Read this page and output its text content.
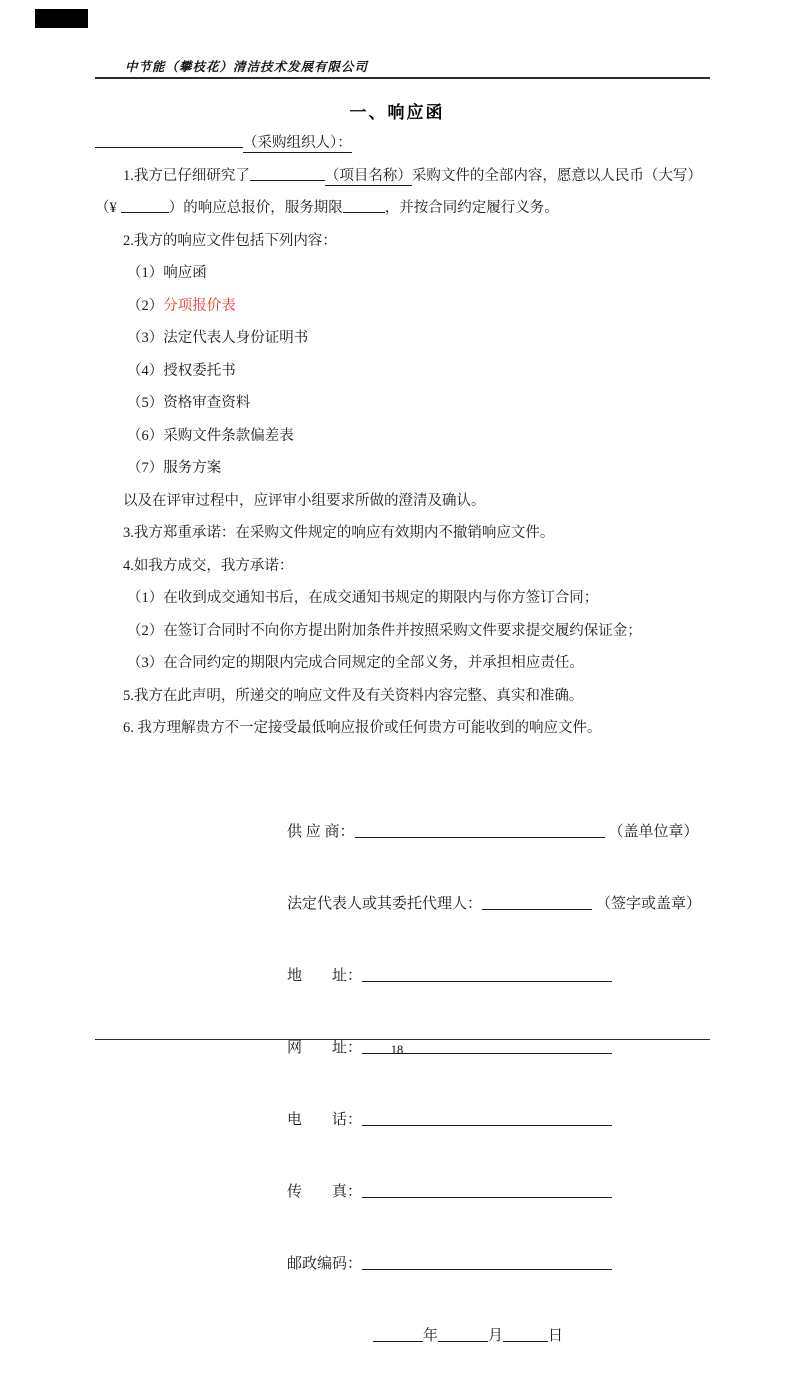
中节能（攀枝花）清洁技术发展有限公司
一、响应函
（采购组织人）：
1.我方已仔细研究了	（项目名称）采购文件的全部内容，愿意以人民币（大写）
（¥	）的响应总报价，服务期限	，并按合同约定履行义务。
2.我方的响应文件包括下列内容：
（1）响应函
（2）分项报价表
（3）法定代表人身份证明书
（4）授权委托书
（5）资格审查资料
（6）采购文件条款偏差表
（7）服务方案
以及在评审过程中，应评审小组要求所做的澄清及确认。
3.我方郑重承诺：在采购文件规定的响应有效期内不撤销响应文件。
4.如我方成交，我方承诺：
（1）在收到成交通知书后，在成交通知书规定的期限内与你方签订合同；
（2）在签订合同时不向你方提出附加条件并按照采购文件要求提交履约保证金；
（3）在合同约定的期限内完成合同规定的全部义务，并承担相应责任。
5.我方在此声明，所递交的响应文件及有关资料内容完整、真实和准确。
6. 我方理解贵方不一定接受最低响应报价或任何贵方可能收到的响应文件。

供 应 商：	（盖单位章）

法定代表人或其委托代理人：	（签字或盖章）

地　　址：

网　　址：

电　　话：

传　　真：

邮政编码：

年	月	日

18
